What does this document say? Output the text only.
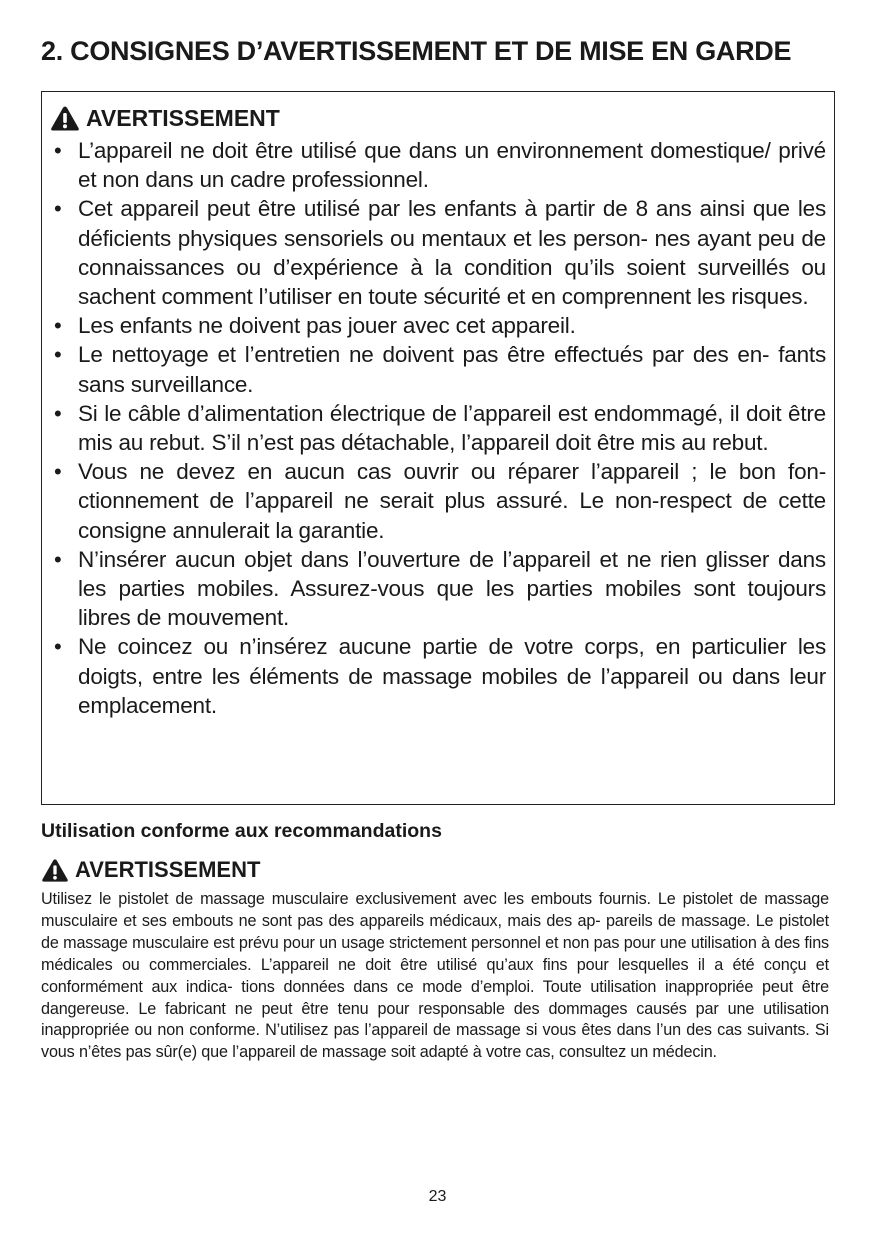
2. CONSIGNES D’AVERTISSEMENT ET DE MISE EN GARDE
AVERTISSEMENT
• L’appareil ne doit être utilisé que dans un environnement domestique/ privé et non dans un cadre professionnel.
• Cet appareil peut être utilisé par les enfants à partir de 8 ans ainsi que les déficients physiques sensoriels ou mentaux et les person- nes ayant peu de connaissances ou d’expérience à la condition qu’ils soient surveillés ou sachent comment l’utiliser en toute sécurité et en comprennent les risques.
• Les enfants ne doivent pas jouer avec cet appareil.
• Le nettoyage et l’entretien ne doivent pas être effectués par des en- fants sans surveillance.
• Si le câble d’alimentation électrique de l’appareil est endommagé, il doit être mis au rebut. S’il n’est pas détachable, l’appareil doit être mis au rebut.
• Vous ne devez en aucun cas ouvrir ou réparer l’appareil ; le bon fon- ctionnement de l’appareil ne serait plus assuré. Le non-respect de cette consigne annulerait la garantie.
• N’insérer aucun objet dans l’ouverture de l’appareil et ne rien glisser dans les parties mobiles. Assurez-vous que les parties mobiles sont toujours libres de mouvement.
• Ne coincez ou n’insérez aucune partie de votre corps, en particulier les doigts, entre les éléments de massage mobiles de l’appareil ou dans leur emplacement.
Utilisation conforme aux recommandations
AVERTISSEMENT

Utilisez le pistolet de massage musculaire exclusivement avec les embouts fournis. Le pistolet de massage musculaire et ses embouts ne sont pas des appareils médicaux, mais des ap- pareils de massage. Le pistolet de massage musculaire est prévu pour un usage strictement personnel et non pas pour une utilisation à des fins médicales ou commerciales. L’appareil ne doit être utilisé qu’aux fins pour lesquelles il a été conçu et conformément aux indica- tions données dans ce mode d’emploi. Toute utilisation inappropriée peut être dangereuse. Le fabricant ne peut être tenu pour responsable des dommages causés par une utilisation inappropriée ou non conforme. N’utilisez pas l’appareil de massage si vous êtes dans l’un des cas suivants. Si vous n’êtes pas sûr(e) que l’appareil de massage soit adapté à votre cas, consultez un médecin.

23
